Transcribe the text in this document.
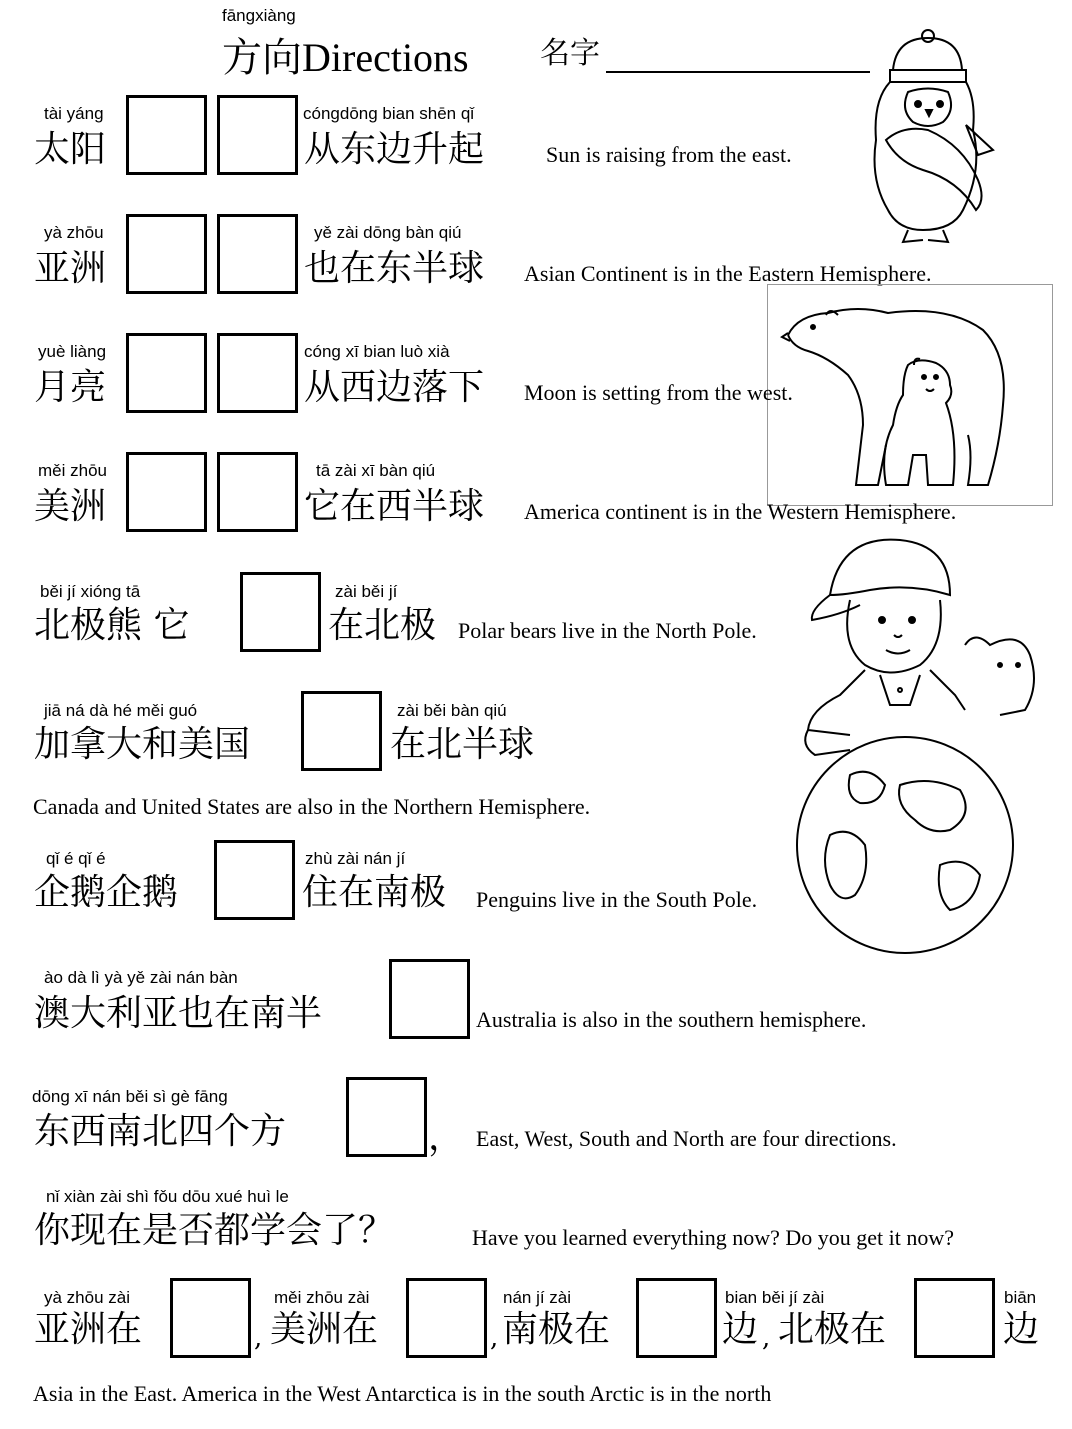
fāngxiàng
方向Directions 名字
tài yáng
太阳
cóngdōng bian shēn qǐ
从东边升起	Sun is raising from the east.
yà zhōu
亚洲
yě zài dōng bàn qiú
也在东半球 Asian Continent is in the Eastern Hemisphere.
yuè liàng
月亮
cóng xī bian luò xià
从西边落下 Moon is setting from the west.
měi zhōu
美洲
tā zài xī bàn qiú
它在西半球 America continent is in the Western Hemisphere.
běi jí xióng tā
北极熊 它
zài běi jí
在北极 Polar bears live in the North Pole.
jiā ná dà hé měi guó
加拿大和美国
zài běi bàn qiú
在北半球
Canada and United States are also in the Northern Hemisphere.
qǐ é qǐ é
企鹅企鹅
zhù zài nán jí
住在南极 Penguins live in the South Pole.
ào dà lì yà yě zài nán bàn
澳大利亚也在南半	Australia is also in the southern hemisphere.
dōng xī nán běi sì gè fāng
东西南北四个方	， East, West, South and North are four directions.
nǐ xiàn zài shì fǒu dōu xué huì le
你现在是否都学会了？	Have you learned everything now? Do you get it now?
yà zhōu zài
亚洲在	,
měi zhōu zài
美洲在	,
nán jí zài
南极在
bian běi jí zài
边 , 北极在
biān
边
Asia in the East. America in the West Antarctica is in the south Arctic is in the north
